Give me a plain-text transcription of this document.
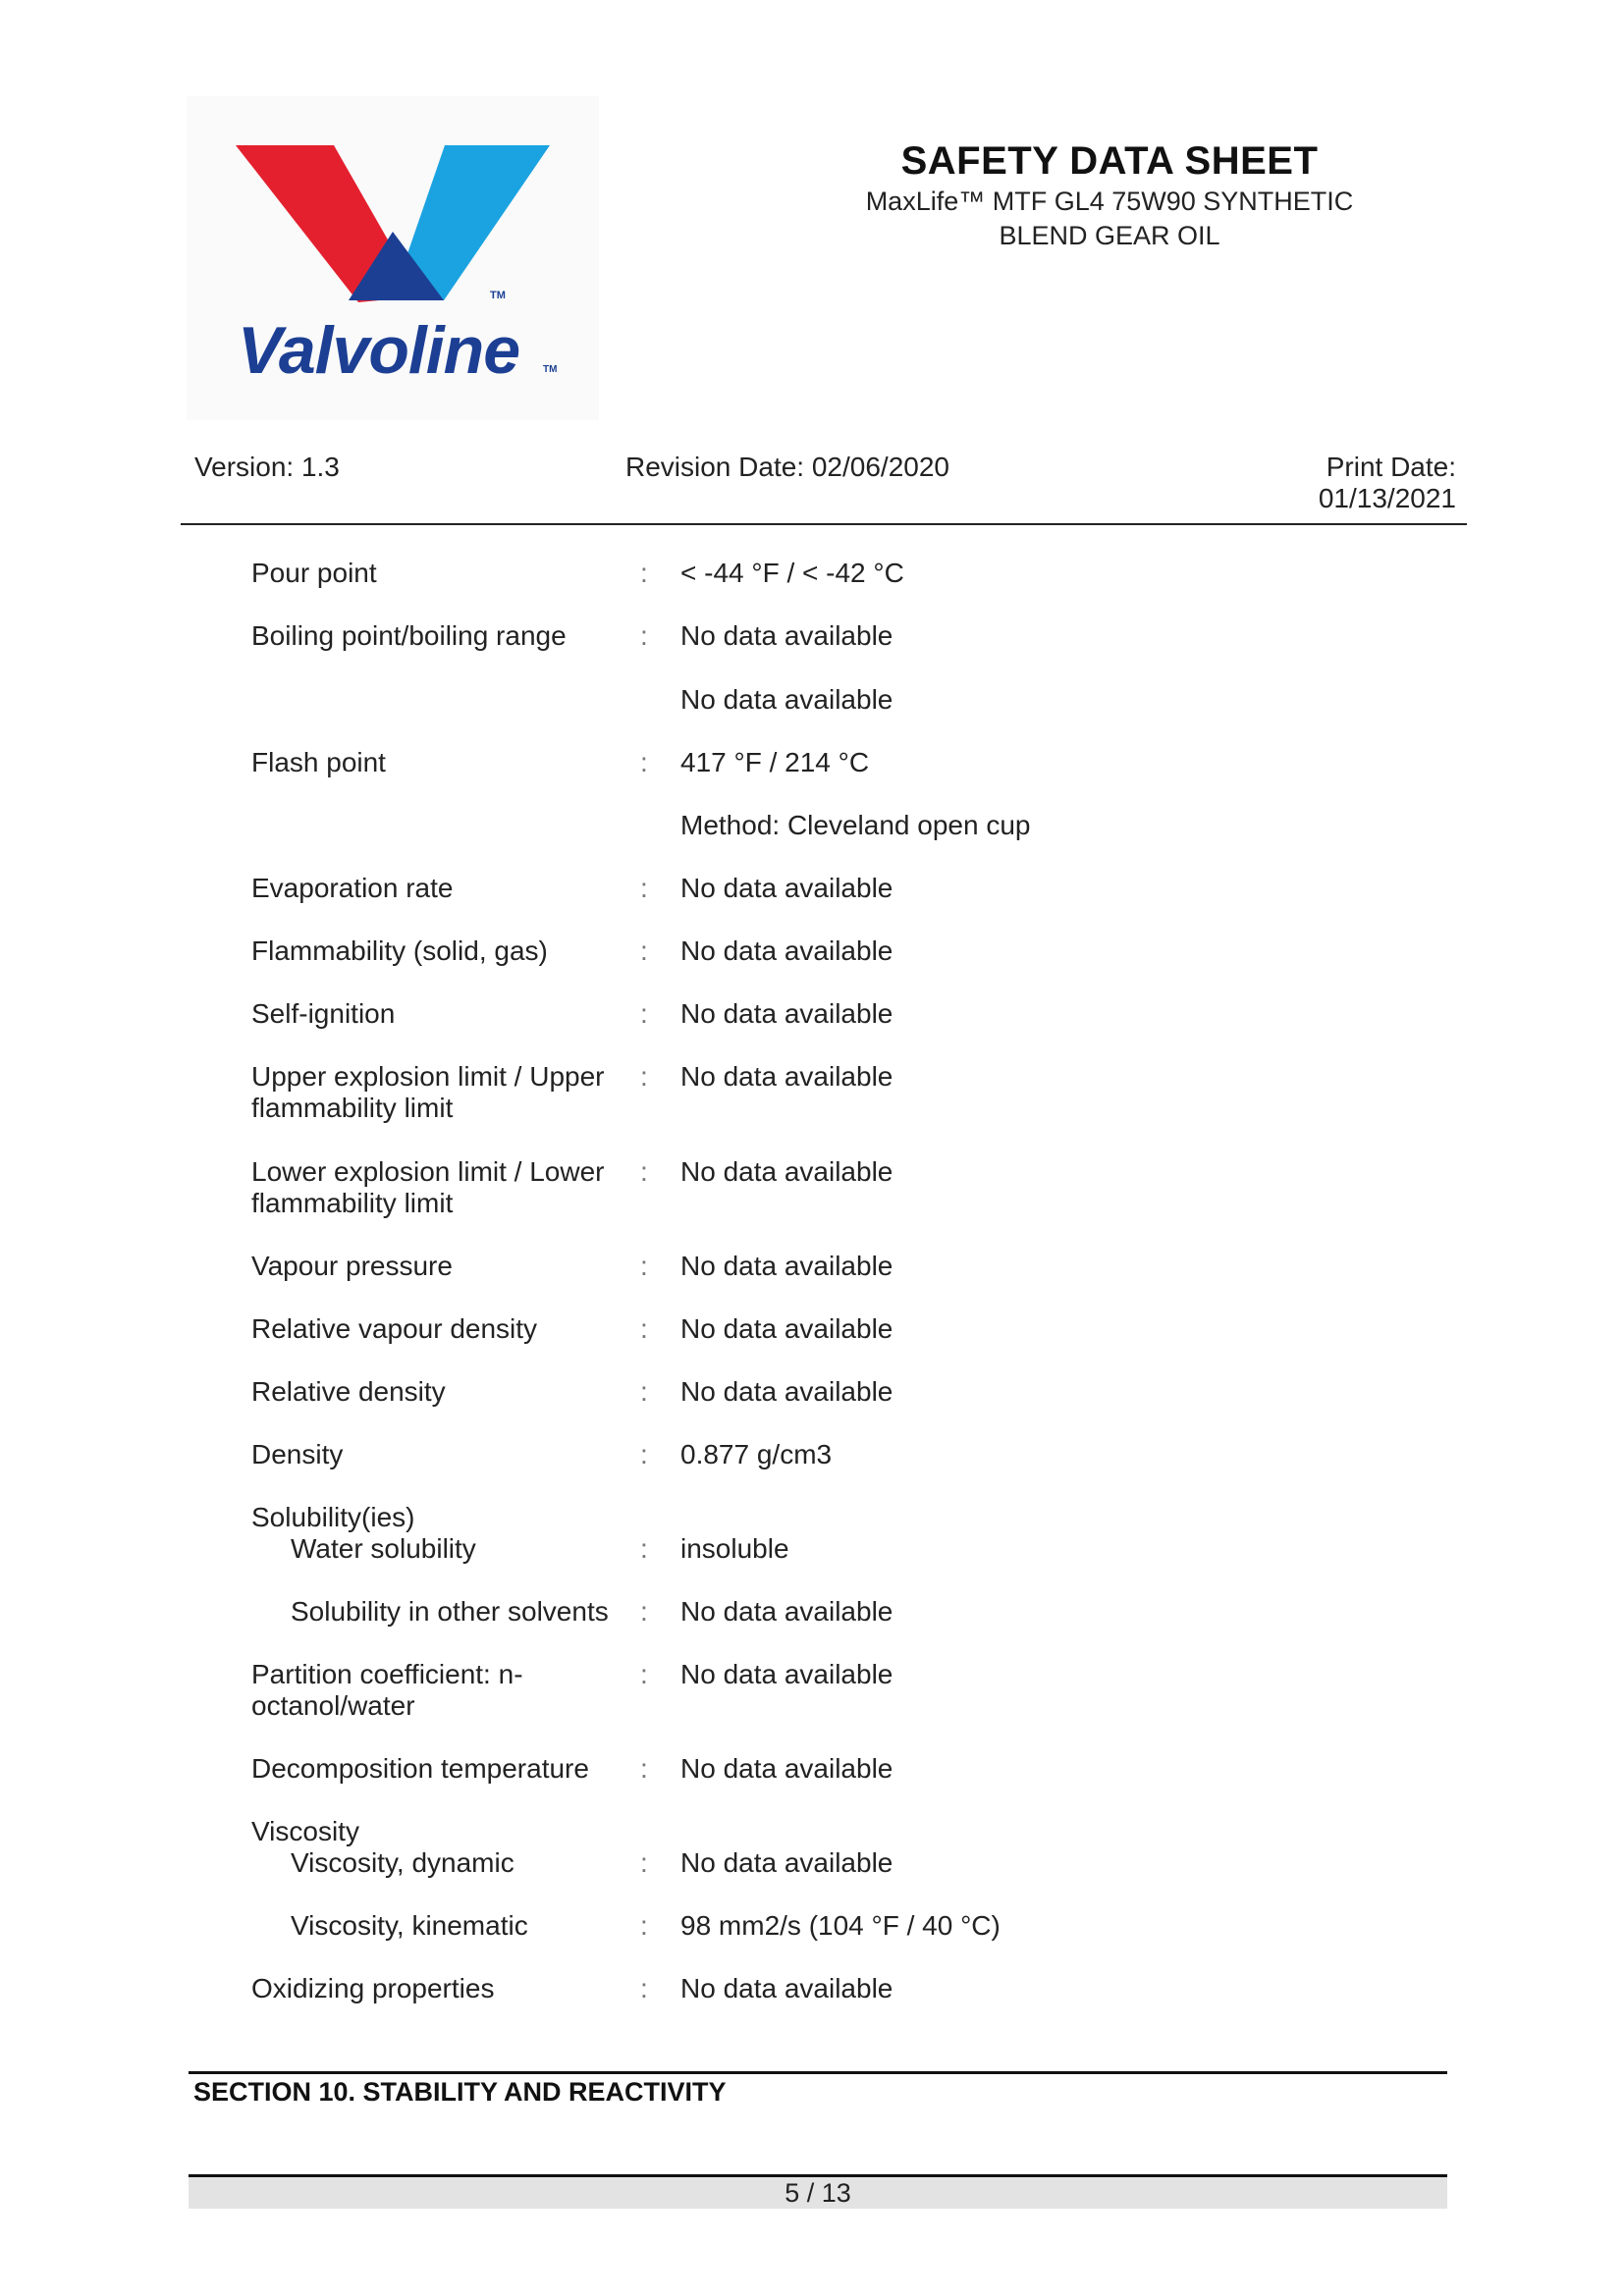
Valvoline
TM
TM
SAFETY DATA SHEET
MaxLife™ MTF GL4 75W90 SYNTHETIC
BLEND GEAR OIL
Version: 1.3	Revision Date: 02/06/2020	Print Date:
01/13/2021
Pour point	: < -44 °F / < -42 °C
Boiling point/boiling range	: No data available
No data available
Flash point	: 417 °F / 214 °C
Method: Cleveland open cup
Evaporation rate	: No data available
Flammability (solid, gas)	: No data available
Self-ignition	: No data available
Upper explosion limit / Upper
flammability limit
: No data available
Lower explosion limit / Lower
flammability limit
: No data available
Vapour pressure	: No data available
Relative vapour density	: No data available
Relative density	: No data available
Density	: 0.877 g/cm3
Solubility(ies)
Water solubility	: insoluble
Solubility in other solvents	: No data available
Partition coefficient: n-
octanol/water
: No data available
Decomposition temperature	: No data available
Viscosity
Viscosity, dynamic	: No data available
Viscosity, kinematic	: 98 mm2/s (104 °F / 40 °C)
Oxidizing properties	: No data available
SECTION 10. STABILITY AND REACTIVITY
5 / 13
